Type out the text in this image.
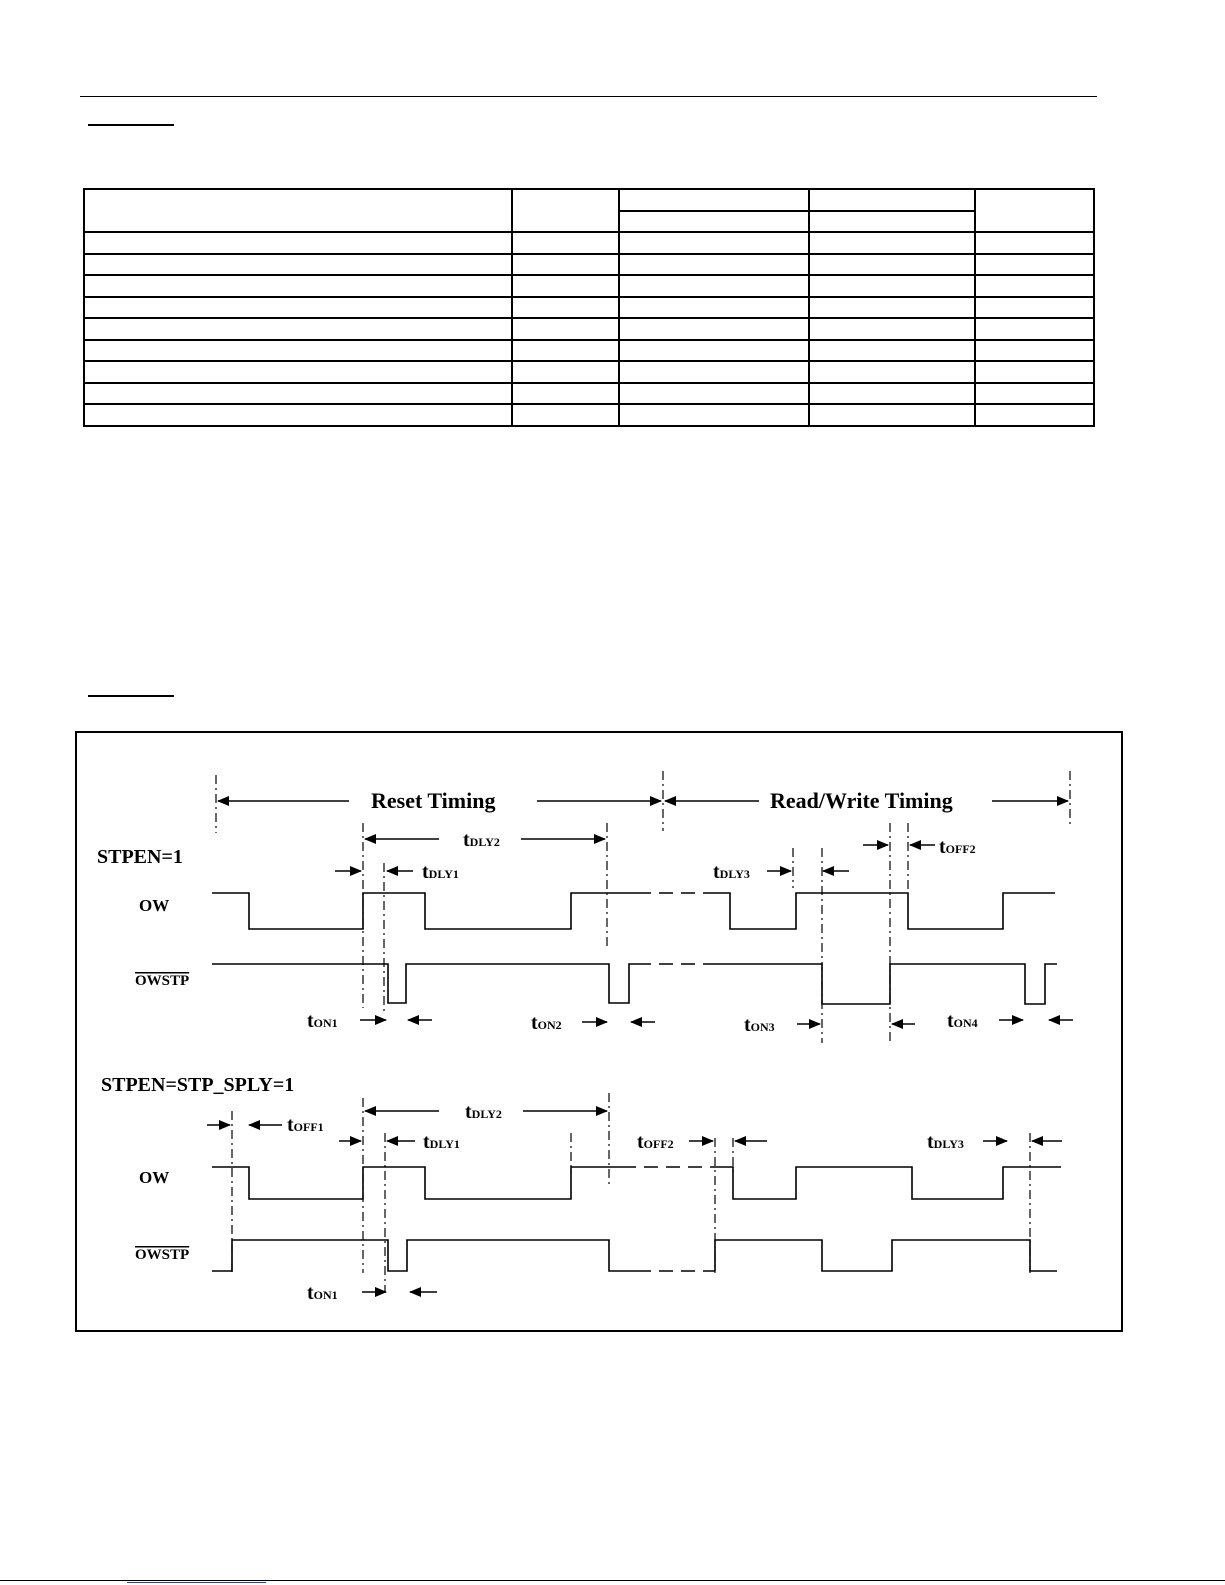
Reset Timing	Read/Write Timing
STPEN=1
OW
OWSTP
tDLY2
tDLY1	tDLY3
tOFF2
tON1	tON2	tON3	tON4
STPEN=STP_SPLY=1
OW
OWSTP
tDLY2
tOFF1
tDLY1	tOFF2	tDLY3
tON1
